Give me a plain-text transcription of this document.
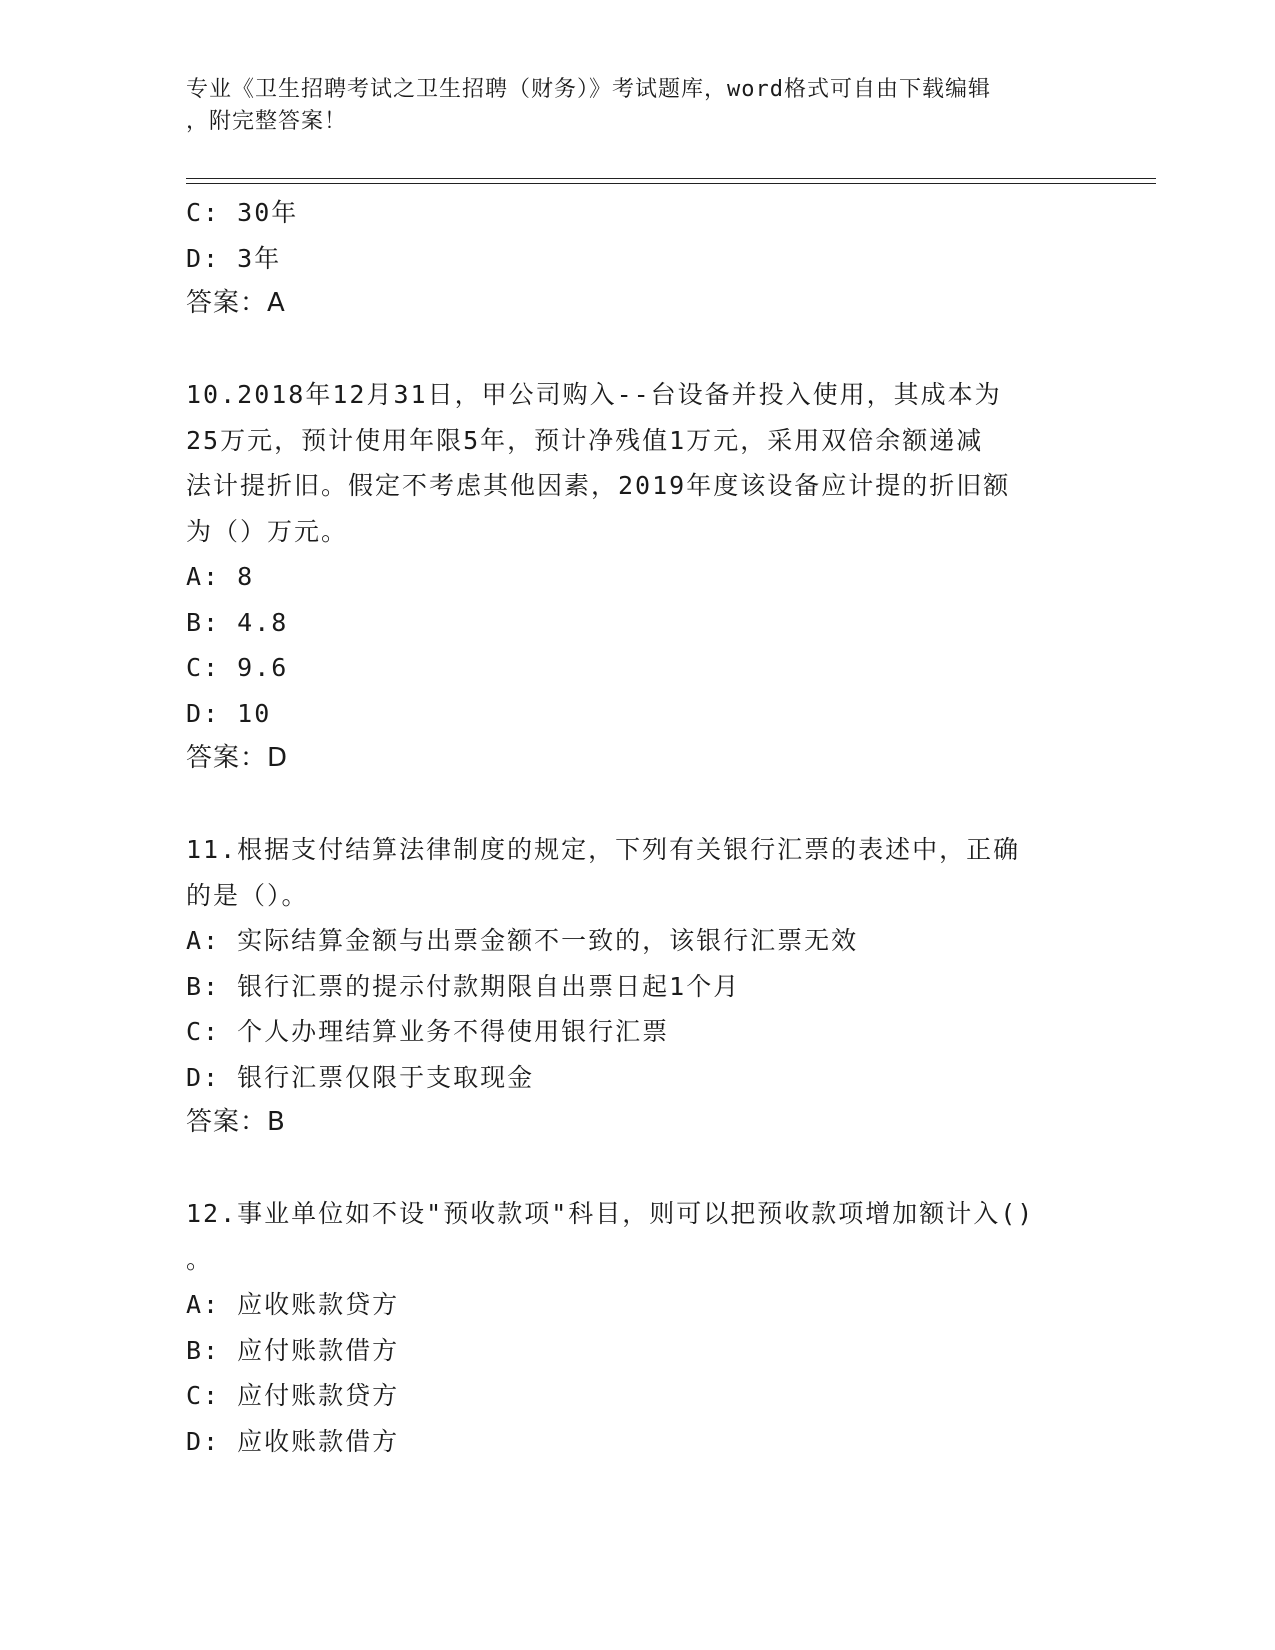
专业《卫生招聘考试之卫生招聘（财务）》考试题库，word格式可自由下载编辑
，附完整答案！
C: 30年
D: 3年
答案：A
10.2018年12月31日，甲公司购入--台设备并投入使用，其成本为
25万元，预计使用年限5年，预计净残值1万元，采用双倍余额递减
法计提折旧。假定不考虑其他因素，2019年度该设备应计提的折旧额
为（）万元。
A: 8
B: 4.8
C: 9.6
D: 10
答案：D
11.根据支付结算法律制度的规定，下列有关银行汇票的表述中，正确
的是（）。
A: 实际结算金额与出票金额不一致的，该银行汇票无效
B: 银行汇票的提示付款期限自出票日起1个月
C: 个人办理结算业务不得使用银行汇票
D: 银行汇票仅限于支取现金
答案：B
12.事业单位如不设"预收款项"科目，则可以把预收款项增加额计入()
。
A: 应收账款贷方
B: 应付账款借方
C: 应付账款贷方
D: 应收账款借方
